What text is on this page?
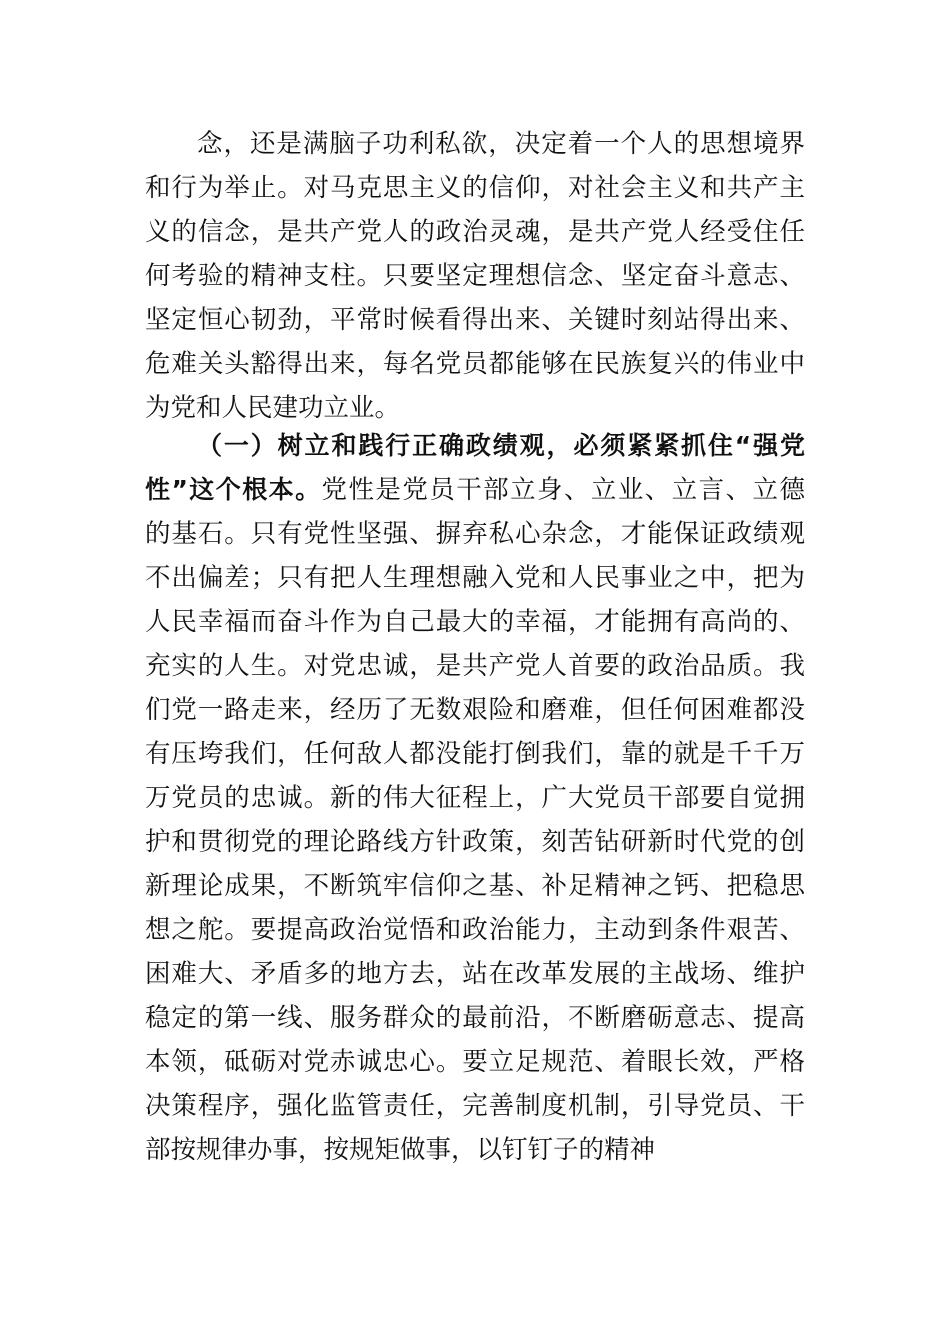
念，还是满脑子功利私欲，决定着一个人的思想境界
和行为举止。对马克思主义的信仰，对社会主义和共产主
义的信念，是共产党人的政治灵魂，是共产党人经受住任
何考验的精神支柱。只要坚定理想信念、坚定奋斗意志、
坚定恒心韧劲，平常时候看得出来、关键时刻站得出来、
危难关头豁得出来，每名党员都能够在民族复兴的伟业中
为党和人民建功立业。
（一）树立和践行正确政绩观，必须紧紧抓住“强党
性”这个根本。党性是党员干部立身、立业、立言、立德
的基石。只有党性坚强、摒弃私心杂念，才能保证政绩观
不出偏差；只有把人生理想融入党和人民事业之中，把为
人民幸福而奋斗作为自己最大的幸福，才能拥有高尚的、
充实的人生。对党忠诚，是共产党人首要的政治品质。我
们党一路走来，经历了无数艰险和磨难，但任何困难都没
有压垮我们，任何敌人都没能打倒我们，靠的就是千千万
万党员的忠诚。新的伟大征程上，广大党员干部要自觉拥
护和贯彻党的理论路线方针政策，刻苦钻研新时代党的创
新理论成果，不断筑牢信仰之基、补足精神之钙、把稳思
想之舵。要提高政治觉悟和政治能力，主动到条件艰苦、
困难大、矛盾多的地方去，站在改革发展的主战场、维护
稳定的第一线、服务群众的最前沿，不断磨砺意志、提高
本领，砥砺对党赤诚忠心。要立足规范、着眼长效，严格
决策程序，强化监管责任，完善制度机制，引导党员、干
部按规律办事，按规矩做事，以钉钉子的精神
